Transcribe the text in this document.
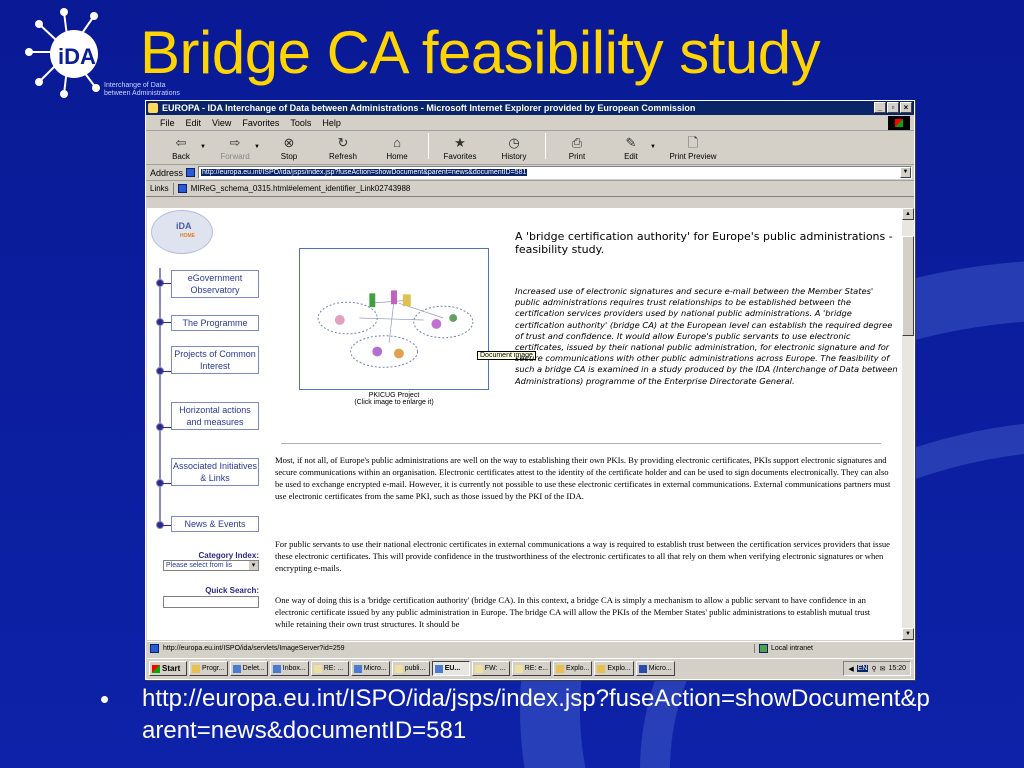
iDA
Interchange of Data
between Administrations
Bridge CA feasibility study
EUROPA - IDA Interchange of Data between Administrations - Microsoft Internet Explorer provided by European Commission	_	▫	×
File Edit View Favorites Tools Help
⇦
Back
▼ ⇨
Forward
▼ ⊗
Stop
↻
Refresh
⌂
Home
★
Favorites
◷
History
⎙
Print
✎
Edit
▼ 🗋
Print Preview
Address	http://europa.eu.int/ISPO/ida/jsps/index.jsp?fuseAction=showDocument&parent=news&documentID=581	▼
Links	MIReG_schema_0315.html#element_identifier_Link02743988
iDA
HOME
eGovernment Observatory
The Programme
Projects of Common Interest
Horizontal actions and measures
Associated Initiatives & Links
News & Events
Category Index:
Please select from lis ▾
Quick Search:
PKICUG Project
(Click image to enlarge it)
Document image
A 'bridge certification authority' for Europe's public administrations - feasibility study.
Increased use of electronic signatures and secure e-mail between the Member States' public administrations requires trust relationships to be established between the certification services providers used by national public administrations. A 'bridge certification authority' (bridge CA) at the European level can establish the required degree of trust and confidence. It would allow Europe's public servants to use electronic certificates, issued by their national public administration, for electronic signature and for secure communications with other public administrations across Europe. The feasibility of such a bridge CA is examined in a study produced by the IDA (Interchange of Data between Administrations) programme of the Enterprise Directorate General.
Most, if not all, of Europe's public administrations are well on the way to establishing their own PKIs. By providing electronic certificates, PKIs support electronic signatures and secure communications within an organisation. Electronic certificates attest to the identity of the certificate holder and can be used to sign documents electronically. They can also be used to exchange encrypted e-mail. However, it is currently not possible to use these electronic certificates in external communications. External communications partners must use electronic certificates from the same PKI, such as those issued by the PKI of the IDA.
For public servants to use their national electronic certificates in external communications a way is required to establish trust between the certification services providers that issue these electronic certificates. This will provide confidence in the trustworthiness of the electronic certificates to all that rely on them when verifying electronic signatures or when encrypting e-mails.
One way of doing this is a 'bridge certification authority' (bridge CA). In this context, a bridge CA is simply a mechanism to allow a public servant to have confidence in an electronic certificate issued by any public administration in Europe. The bridge CA will allow the PKIs of the Member States' public administrations to establish mutual trust while retaining their own trust structures. It should be
▲
▼
http://europa.eu.int/ISPO/ida/servlets/ImageServer?id=259	Local intranet
Start	Progr...	Delet...	Inbox...	RE: ...	Micro...	publi...	EU...	FW: ...	RE: e...	Explo...	Explo...	Micro...	◀ EN ⚲ ✉ 15:20
• http://europa.eu.int/ISPO/ida/jsps/index.jsp?fuseAction=showDocument&parent=news&documentID=581
